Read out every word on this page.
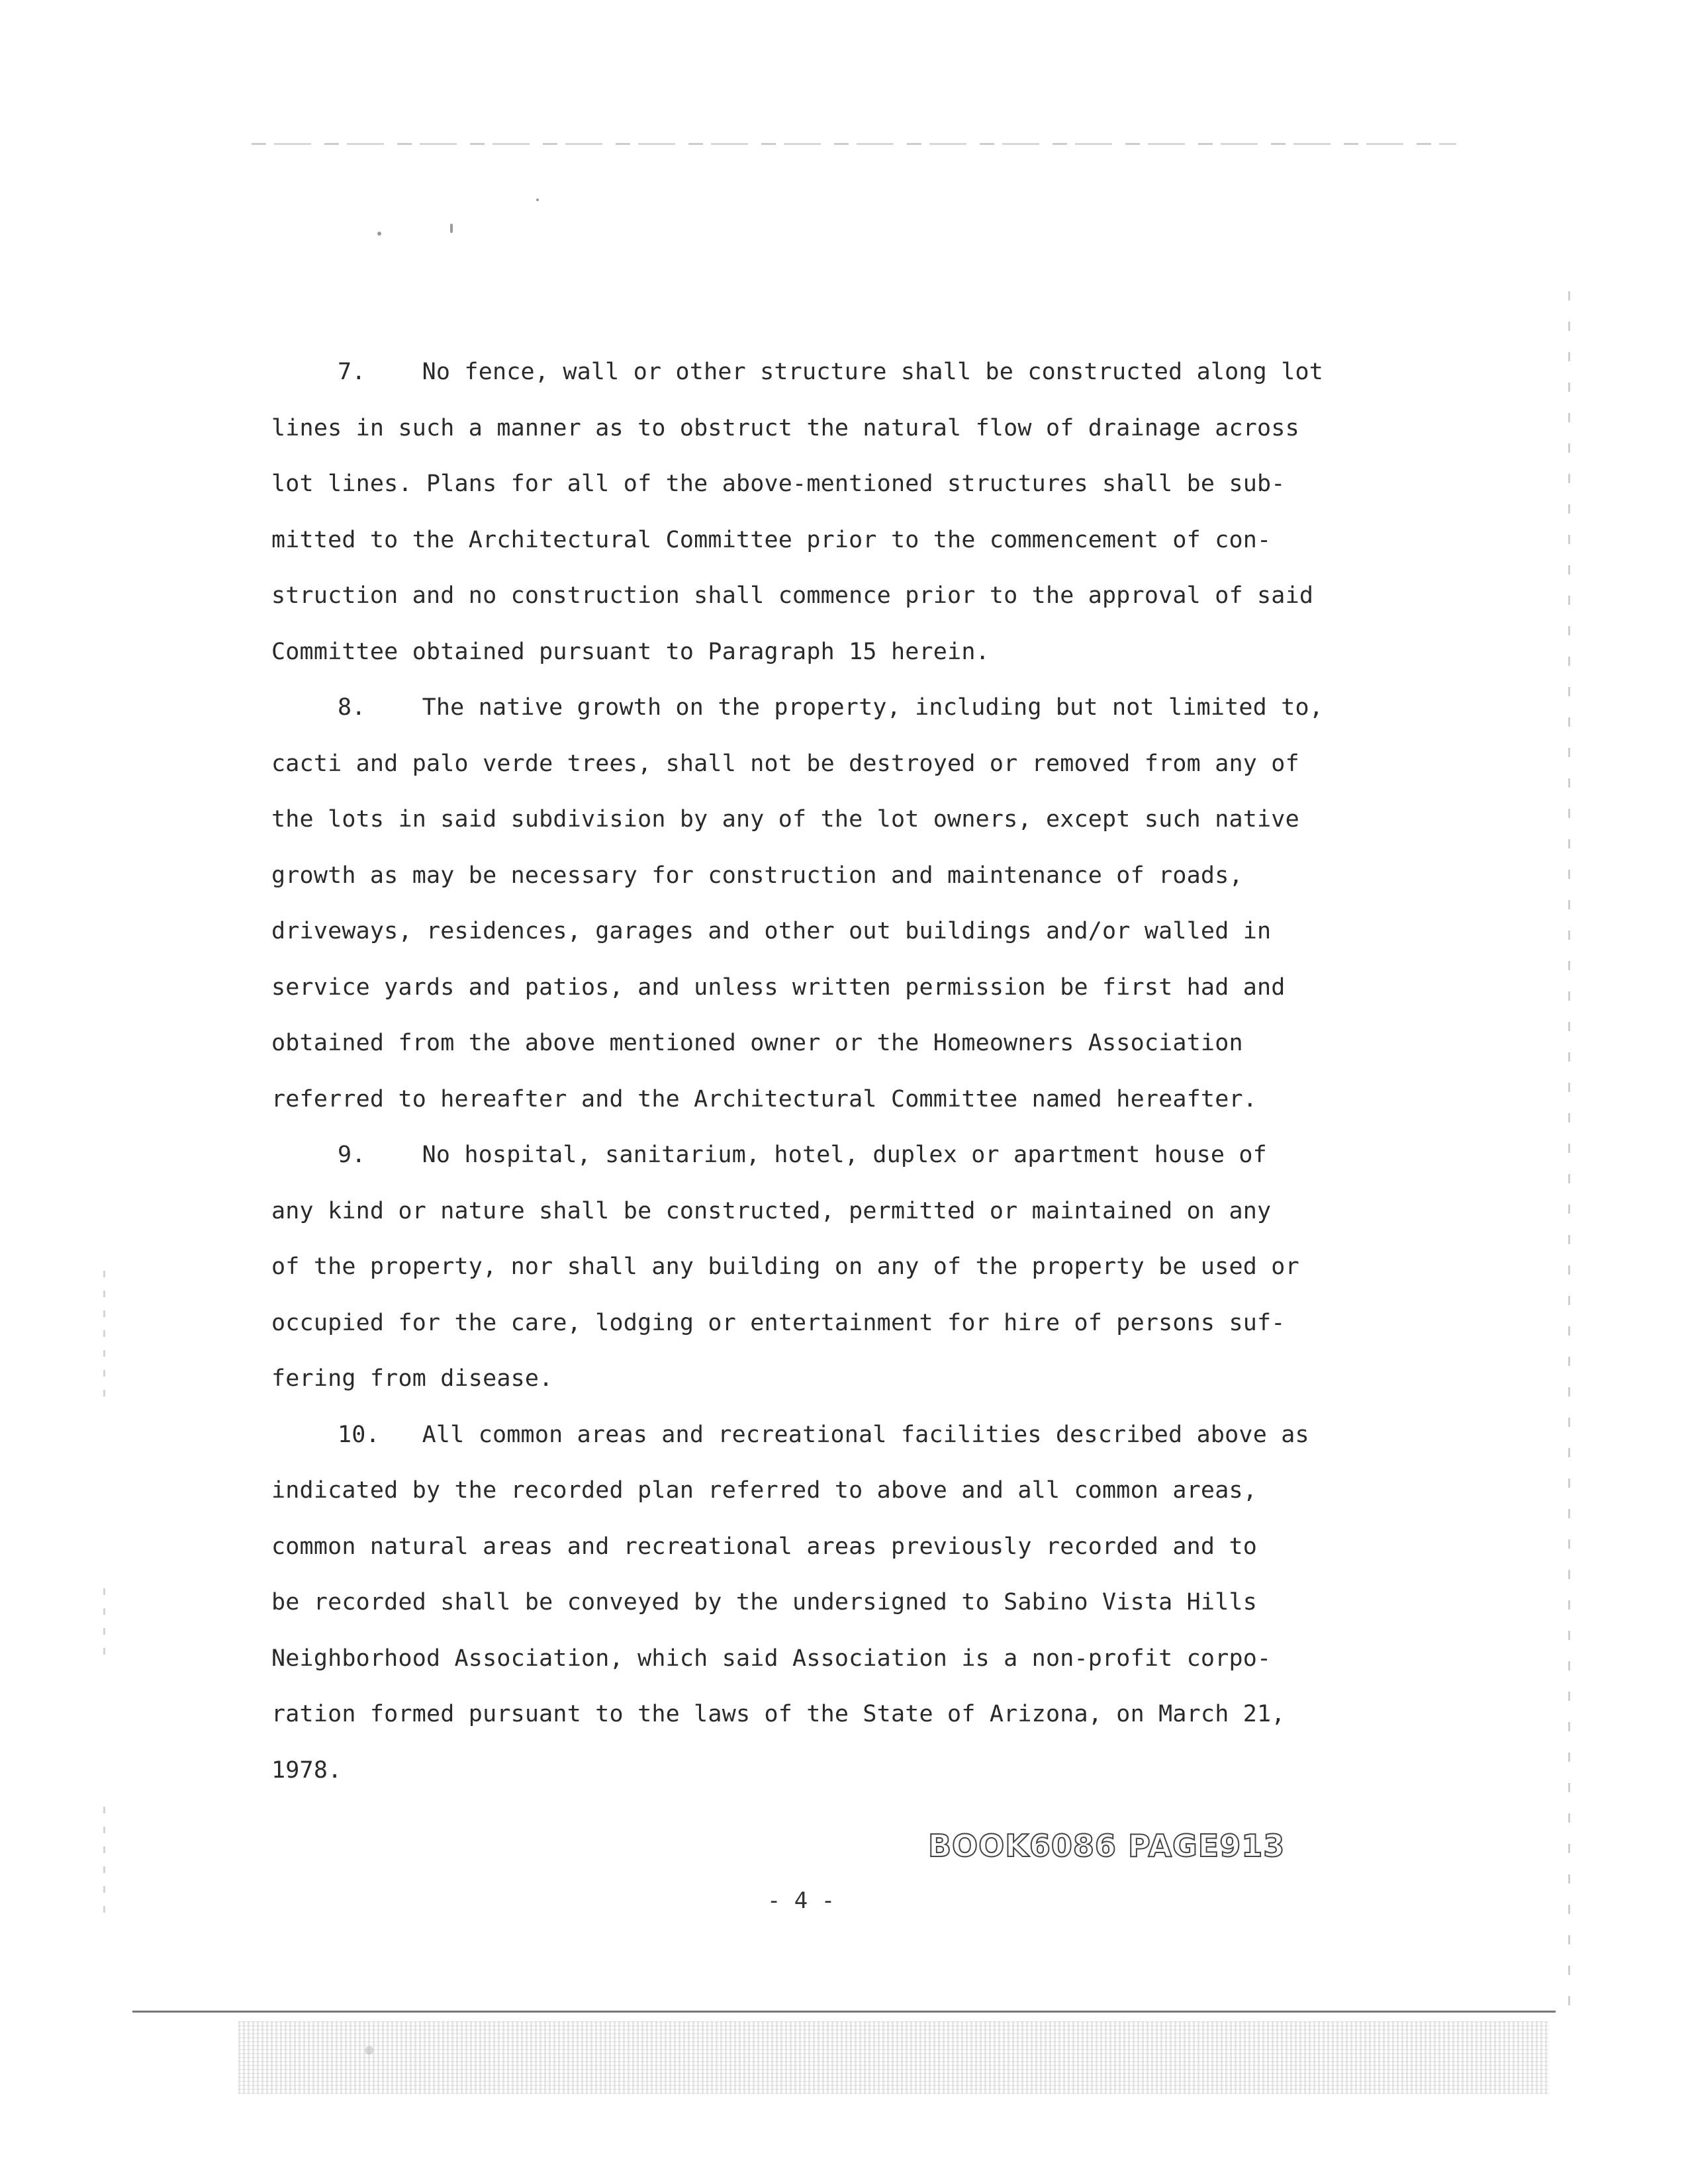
7. No fence, wall or other structure shall be constructed along lot
lines in such a manner as to obstruct the natural flow of drainage across
lot lines. Plans for all of the above-mentioned structures shall be sub-
mitted to the Architectural Committee prior to the commencement of con-
struction and no construction shall commence prior to the approval of said
Committee obtained pursuant to Paragraph 15 herein.
8. The native growth on the property, including but not limited to,
cacti and palo verde trees, shall not be destroyed or removed from any of
the lots in said subdivision by any of the lot owners, except such native
growth as may be necessary for construction and maintenance of roads,
driveways, residences, garages and other out buildings and/or walled in
service yards and patios, and unless written permission be first had and
obtained from the above mentioned owner or the Homeowners Association
referred to hereafter and the Architectural Committee named hereafter.
9. No hospital, sanitarium, hotel, duplex or apartment house of
any kind or nature shall be constructed, permitted or maintained on any
of the property, nor shall any building on any of the property be used or
occupied for the care, lodging or entertainment for hire of persons suf-
fering from disease.
10. All common areas and recreational facilities described above as
indicated by the recorded plan referred to above and all common areas,
common natural areas and recreational areas previously recorded and to
be recorded shall be conveyed by the undersigned to Sabino Vista Hills
Neighborhood Association, which said Association is a non-profit corpo-
ration formed pursuant to the laws of the State of Arizona, on March 21,
1978.
BOOK6086 PAGE913
- 4 -
